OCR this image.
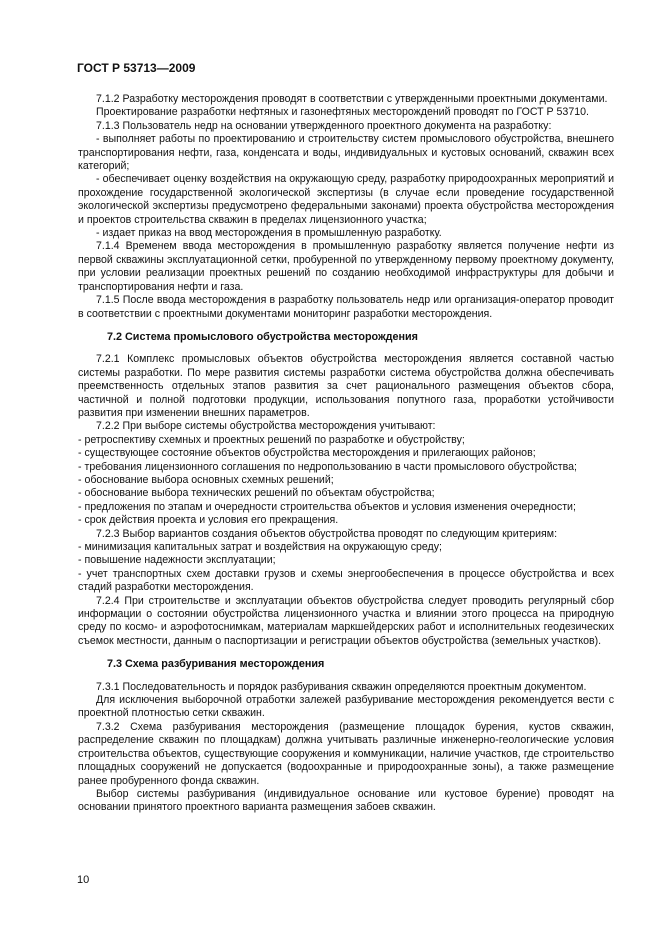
ГОСТ Р 53713—2009

7.1.2 Разработку месторождения проводят в соответствии с утвержденными проектными документами.

Проектирование разработки нефтяных и газонефтяных месторождений проводят по ГОСТ Р 53710.

7.1.3 Пользователь недр на основании утвержденного проектного документа на разработку:

- выполняет работы по проектированию и строительству систем промыслового обустройства, внешнего транспортирования нефти, газа, конденсата и воды, индивидуальных и кустовых оснований, скважин всех категорий;

- обеспечивает оценку воздействия на окружающую среду, разработку природоохранных мероприятий и прохождение государственной экологической экспертизы (в случае если проведение государственной экологической экспертизы предусмотрено федеральными законами) проекта обустройства месторождения и проектов строительства скважин в пределах лицензионного участка;

- издает приказ на ввод месторождения в промышленную разработку.

7.1.4 Временем ввода месторождения в промышленную разработку является получение нефти из первой скважины эксплуатационной сетки, пробуренной по утвержденному первому проектному документу, при условии реализации проектных решений по созданию необходимой инфраструктуры для добычи и транспортирования нефти и газа.

7.1.5 После ввода месторождения в разработку пользователь недр или организация-оператор проводит в соответствии с проектными документами мониторинг разработки месторождения.

7.2 Система промыслового обустройства месторождения

7.2.1 Комплекс промысловых объектов обустройства месторождения является составной частью системы разработки. По мере развития системы разработки система обустройства должна обеспечивать преемственность отдельных этапов развития за счет рационального размещения объектов сбора, частичной и полной подготовки продукции, использования попутного газа, проработки устойчивости развития при изменении внешних параметров.

7.2.2 При выборе системы обустройства месторождения учитывают:

- ретроспективу схемных и проектных решений по разработке и обустройству;

- существующее состояние объектов обустройства месторождения и прилегающих районов;

- требования лицензионного соглашения по недропользованию в части промыслового обустройства;

- обоснование выбора основных схемных решений;

- обоснование выбора технических решений по объектам обустройства;

- предложения по этапам и очередности строительства объектов и условия изменения очередности;

- срок действия проекта и условия его прекращения.

7.2.3 Выбор вариантов создания объектов обустройства проводят по следующим критериям:

- минимизация капитальных затрат и воздействия на окружающую среду;

- повышение надежности эксплуатации;

- учет транспортных схем доставки грузов и схемы энергообеспечения в процессе обустройства и всех стадий разработки месторождения.

7.2.4 При строительстве и эксплуатации объектов обустройства следует проводить регулярный сбор информации о состоянии обустройства лицензионного участка и влиянии этого процесса на природную среду по космо- и аэрофотоснимкам, материалам маркшейдерских работ и исполнительных геодезических съемок местности, данным о паспортизации и регистрации объектов обустройства (земельных участков).

7.3 Схема разбуривания месторождения

7.3.1 Последовательность и порядок разбуривания скважин определяются проектным документом.

Для исключения выборочной отработки залежей разбуривание месторождения рекомендуется вести с проектной плотностью сетки скважин.

7.3.2 Схема разбуривания месторождения (размещение площадок бурения, кустов скважин, распределение скважин по площадкам) должна учитывать различные инженерно-геологические условия строительства объектов, существующие сооружения и коммуникации, наличие участков, где строительство площадных сооружений не допускается (водоохранные и природоохранные зоны), а также размещение ранее пробуренного фонда скважин.

Выбор системы разбуривания (индивидуальное основание или кустовое бурение) проводят на основании принятого проектного варианта размещения забоев скважин.

10
